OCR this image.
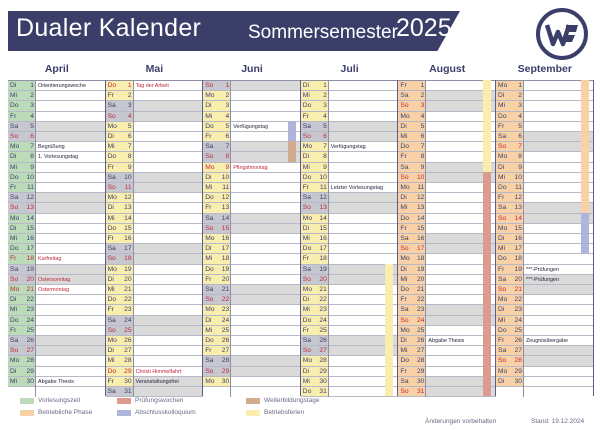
Dualer Kalender Sommersemester
2025
April
Di	1 Orientierungswoche
Mi	2
Do	3
Fr	4
Sa	5
So	6
Mo	7 Begrüßung
Di	8 1. Vorlesungstag
Mi	9
Do	10
Fr	11
Sa	12
So	13
Mo	14
Di	15
Mi	16
Do	17
Fr	18 Karfreitag
Sa	19
So	20 Ostersonntag
Mo	21 Ostermontag
Di	22
Mi	23
Do	24
Fr	25
Sa	26
So	27
Mo	28
Di	29
Mi	30 Abgabe Thesis
Mai
Do	1 Tag der Arbeit
Fr	2
Sa	3
So	4
Mo	5
Di	6
Mi	7
Do	8
Fr	9
Sa	10
So	11
Mo	12
Di	13
Mi	14
Do	15
Fr	16
Sa	17
So	18
Mo	19
Di	20
Mi	21
Do	22
Fr	23
Sa	24
So	25
Mo	26
Di	27
Mi	28
Do	29 Christi Himmelfahrt
Fr	30 Veranstaltungsfrei
Sa	31
Juni
So	1
Mo	2
Di	3
Mi	4
Do	5 Verfügungstag
Fr	6
Sa	7
So	8
Mo	9 Pfingstmontag
Di	10
Mi	11
Do	12
Fr	13
Sa	14
So	15
Mo	16
Di	17
Mi	18
Do	19
Fr	20
Sa	21
So	22
Mo	23
Di	24
Mi	25
Do	26
Fr	27
Sa	28
So	29
Mo	30
Juli
Di	1
Mi	2
Do	3
Fr	4
Sa	5
So	6
Mo	7 Verfügungstag
Di	8
Mi	9
Do	10
Fr	11 Letzter Vorlesungstag
Sa	12
So	13
Mo	14
Di	15
Mi	16
Do	17
Fr	18
Sa	19
So	20
Mo	21
Di	22
Mi	23
Do	24
Fr	25
Sa	26
So	27
Mo	28
Di	29
Mi	30
Do	31
August
Fr	1
Sa	2
So	3
Mo	4
Di	5
Mi	6
Do	7
Fr	8
Sa	9
So	10
Mo	11
Di	12
Mi	13
Do	14
Fr	15
Sa	16
So	17
Mo	18
Di	19
Mi	20
Do	21
Fr	22
Sa	23
So	24
Mo	25
Di	26 Abgabe Thesis
Mi	27
Do	28
Fr	29
Sa	30
So	31
September
Mo	1
Di	2
Mi	3
Do	4
Fr	5
Sa	6
So	7
Mo	8
Di	9
Mi	10
Do	11
Fr	12
Sa	13
So	14
Mo	15
Di	16
Mi	17
Do	18
Fr	19 ***-Prüfungen
Sa	20 ***-Prüfungen
So	21
Mo	22
Di	23
Mi	24
Do	25
Fr	26 Zeugnisübergabe
Sa	27
So	28
Mo	29
Di	30
Änderungen vorbehalten	Stand: 19.12.2024
Vorlesungszeit	Prüfungswochen	Weiterbildungstage
Betriebliche Phase	Abschlusskolloquium	Betriebsferien
